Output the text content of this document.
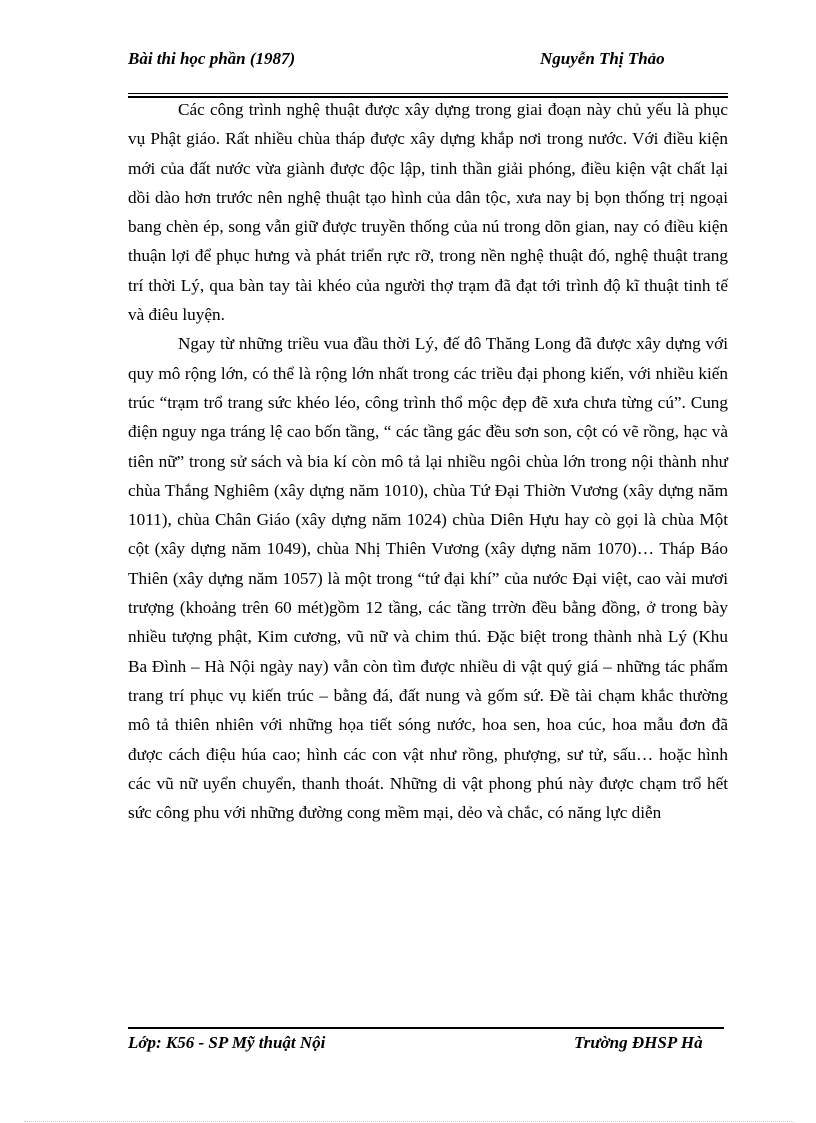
Bài thi học phần (1987)	Nguyễn Thị Thảo

Các công trình nghệ thuật được xây dựng trong giai đoạn này chủ yếu là phục vụ Phật giáo. Rất nhiều chùa tháp được xây dựng khắp nơi trong nước. Với điều kiện mới của đất nước vừa giành được độc lập, tinh thần giải phóng, điều kiện vật chất lại dồi dào hơn trước nên nghệ thuật tạo hình của dân tộc, xưa nay bị bọn thống trị ngoại bang chèn ép, song vẫn giữ được truyền thống của nú trong dõn gian, nay có điều kiện thuận lợi để phục hưng và phát triển rực rỡ, trong nền nghệ thuật đó, nghệ thuật trang trí thời Lý, qua bàn tay tài khéo của người thợ trạm đã đạt tới trình độ kĩ thuật tinh tế và điêu luyện.

Ngay từ những triều vua đầu thời Lý, đế đô Thăng Long đã được xây dựng với quy mô rộng lớn, có thể là rộng lớn nhất trong các triều đại phong kiến, với nhiều kiến trúc “trạm trổ trang sức khéo léo, công trình thổ mộc đẹp đẽ xưa chưa từng cú”. Cung điện nguy nga tráng lệ cao bốn tầng, “ các tầng gác đều sơn son, cột có vẽ rồng, hạc và tiên nữ” trong sử sách và bia kí còn mô tả lại nhiều ngôi chùa lớn trong nội thành như chùa Thắng Nghiêm (xây dựng năm 1010), chùa Tứ Đại Thiờn Vương (xây dựng năm 1011), chùa Chân Giáo (xây dựng năm 1024) chùa Diên Hựu hay cò gọi là chùa Một cột (xây dựng năm 1049), chùa Nhị Thiên Vương (xây dựng năm 1070)… Tháp Báo Thiên (xây dựng năm 1057) là một trong “tứ đại khí” của nước Đại việt, cao vài mươi trượng (khoảng trên 60 mét)gồm 12 tầng, các tầng trrờn đều bằng đồng, ở trong bày nhiều tượng phật, Kim cương, vũ nữ và chim thú. Đặc biệt trong thành nhà Lý (Khu Ba Đình – Hà Nội ngày nay) vẫn còn tìm được nhiều di vật quý giá – những tác phẩm trang trí phục vụ kiến trúc – bằng đá, đất nung và gốm sứ. Đề tài chạm khắc thường mô tả thiên nhiên với những họa tiết sóng nước, hoa sen, hoa cúc, hoa mẫu đơn đã được cách điệu húa cao; hình các con vật như rồng, phượng, sư tử, sấu… hoặc hình các vũ nữ uyển chuyển, thanh thoát. Những di vật phong phú này được chạm trổ hết sức công phu với những đường cong mềm mại, dẻo và chắc, có năng lực diễn

Lớp: K56 - SP Mỹ thuật Nội	Trường ĐHSP Hà
